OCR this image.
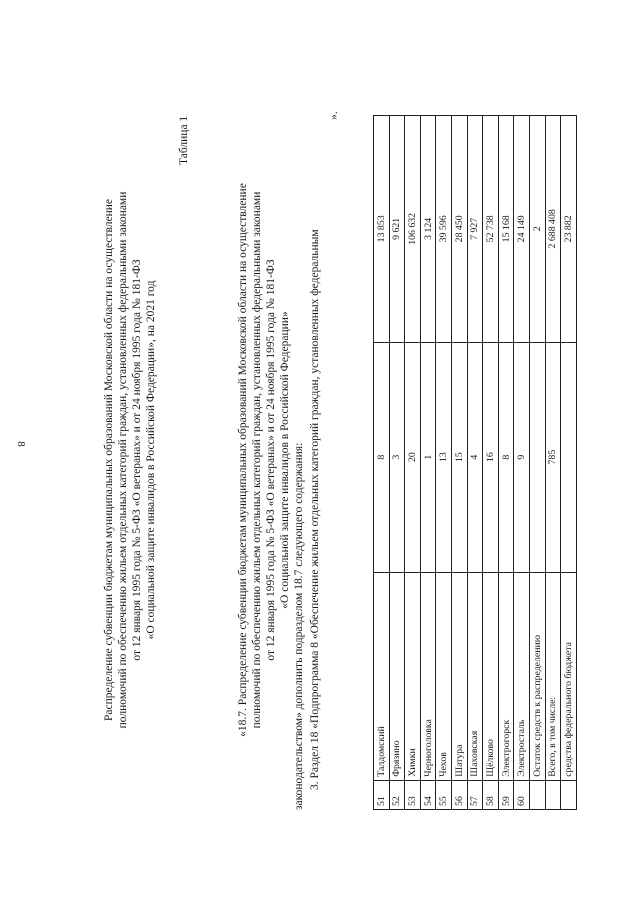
8
51	Талдомский	8	13 853
52	Фрязино	3	9 621
53	Химки	20	106 632
54	Черноголовка	1	3 124
55	Чехов	13	39 596
56	Шатура	15	28 450
57	Шаховская	4	7 927
58	Щёлково	16	52 738
59	Электрогорск	8	15 168
60	Электросталь	9	24 149
	Остаток средств к распределению		2
	Всего, в том числе:	785	2 688 408
	средства федерального бюджета		23 882
».
3. Раздел 18 «Подпрограмма 8 «Обеспечение жильем отдельных категорий граждан, установленных федеральным
законодательством» дополнить подразделом 18.7 следующего содержания:
«18.7. Распределение субвенции бюджетам муниципальных образований Московской области на осуществление полномочий по обеспечению жильем отдельных категорий граждан, установленных федеральными законами от 12 января 1995 года № 5-ФЗ «О ветеранах» и от 24 ноября 1995 года № 181-ФЗ «О социальной защите инвалидов в Российской Федерации»
Таблица 1
Распределение субвенции бюджетам муниципальных образований Московской области на осуществление полномочий по обеспечению жильем отдельных категорий граждан, установленных федеральными законами от 12 января 1995 года № 5-ФЗ «О ветеранах» и от 24 ноября 1995 года № 181-ФЗ «О социальной защите инвалидов в Российской Федерации», на 2021 год
